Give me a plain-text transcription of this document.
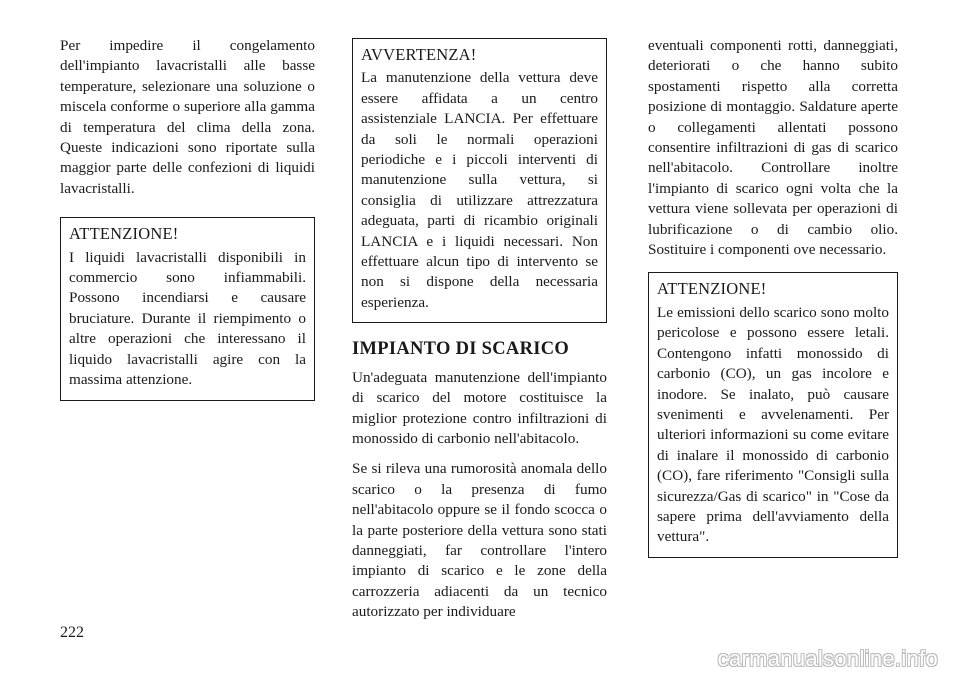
Per impedire il congelamento dell'impianto lavacristalli alle basse temperature, selezionare una soluzione o miscela conforme o superiore alla gamma di temperatura del clima della zona. Queste indicazioni sono riportate sulla maggior parte delle confezioni di liquidi lavacristalli.

ATTENZIONE!

I liquidi lavacristalli disponibili in commercio sono infiammabili. Possono incendiarsi e causare bruciature. Durante il riempimento o altre operazioni che interessano il liquido lavacristalli agire con la massima attenzione.

AVVERTENZA!

La manutenzione della vettura deve essere affidata a un centro assistenziale LANCIA. Per effettuare da soli le normali operazioni periodiche e i piccoli interventi di manutenzione sulla vettura, si consiglia di utilizzare attrezzatura adeguata, parti di ricambio originali LANCIA e i liquidi necessari. Non effettuare alcun tipo di intervento se non si dispone della necessaria esperienza.

IMPIANTO DI SCARICO

Un'adeguata manutenzione dell'impianto di scarico del motore costituisce la miglior protezione contro infiltrazioni di monossido di carbonio nell'abitacolo.

Se si rileva una rumorosità anomala dello scarico o la presenza di fumo nell'abitacolo oppure se il fondo scocca o la parte posteriore della vettura sono stati danneggiati, far controllare l'intero impianto di scarico e le zone della carrozzeria adiacenti da un tecnico autorizzato per individuare

eventuali componenti rotti, danneggiati, deteriorati o che hanno subito spostamenti rispetto alla corretta posizione di montaggio. Saldature aperte o collegamenti allentati possono consentire infiltrazioni di gas di scarico nell'abitacolo. Controllare inoltre l'impianto di scarico ogni volta che la vettura viene sollevata per operazioni di lubrificazione o di cambio olio. Sostituire i componenti ove necessario.

ATTENZIONE!

Le emissioni dello scarico sono molto pericolose e possono essere letali. Contengono infatti monossido di carbonio (CO), un gas incolore e inodore. Se inalato, può causare svenimenti e avvelenamenti. Per ulteriori informazioni su come evitare di inalare il monossido di carbonio (CO), fare riferimento "Consigli sulla sicurezza/Gas di scarico" in "Cose da sapere prima dell'avviamento della vettura".

222
carmanualsonline.info
